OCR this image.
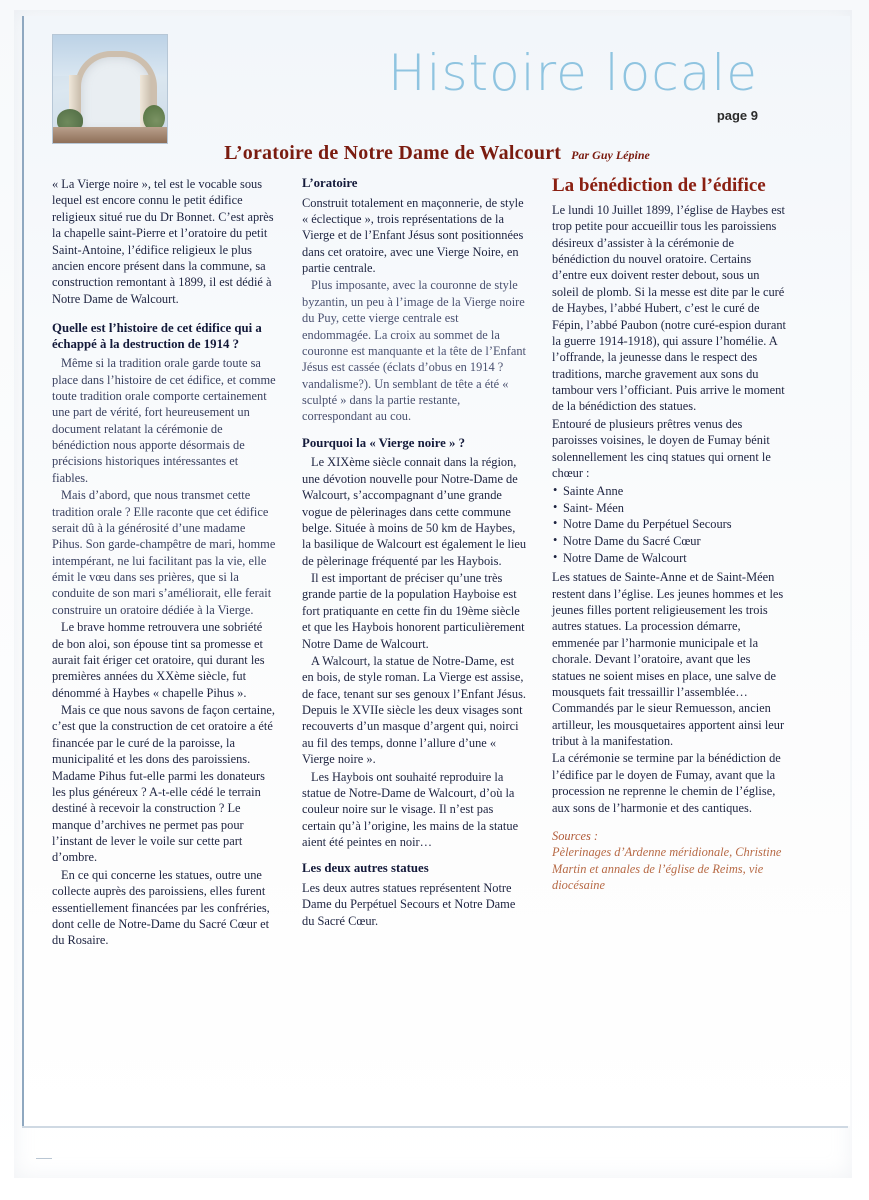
Histoire locale
page 9
L’oratoire de Notre Dame de Walcourt Par Guy Lépine

« La Vierge noire », tel est le vocable sous lequel est encore connu le petit édifice religieux situé rue du Dr Bonnet. C’est après la chapelle saint-Pierre et l’oratoire du petit Saint-Antoine, l’édifice religieux le plus ancien encore présent dans la commune, sa construction remontant à 1899, il est dédié à Notre Dame de Walcourt.

Quelle est l’histoire de cet édifice qui a échappé à la destruction de 1914 ?

Même si la tradition orale garde toute sa place dans l’histoire de cet édifice, et comme toute tradition orale comporte certainement une part de vérité, fort heureusement un document relatant la cérémonie de bénédiction nous apporte désormais de précisions historiques intéressantes et fiables.

Mais d’abord, que nous transmet cette tradition orale ? Elle raconte que cet édifice serait dû à la générosité d’une madame Pihus. Son garde-champêtre de mari, homme intempérant, ne lui facilitant pas la vie, elle émit le vœu dans ses prières, que si la conduite de son mari s’améliorait, elle ferait construire un oratoire dédiée à la Vierge.

Le brave homme retrouvera une sobriété de bon aloi, son épouse tint sa promesse et aurait fait ériger cet oratoire, qui durant les premières années du XXème siècle, fut dénommé à Haybes « chapelle Pihus ».

Mais ce que nous savons de façon certaine, c’est que la construction de cet oratoire a été financée par le curé de la paroisse, la municipalité et les dons des paroissiens. Madame Pihus fut-elle parmi les donateurs les plus généreux ? A-t-elle cédé le terrain destiné à recevoir la construction ? Le manque d’archives ne permet pas pour l’instant de lever le voile sur cette part d’ombre.

En ce qui concerne les statues, outre une collecte auprès des paroissiens, elles furent essentiellement financées par les confréries, dont celle de Notre-Dame du Sacré Cœur et du Rosaire.

L’oratoire

Construit totalement en maçonnerie, de style « éclectique », trois représentations de la Vierge et de l’Enfant Jésus sont positionnées dans cet oratoire, avec une Vierge Noire, en partie centrale.

Plus imposante, avec la couronne de style byzantin, un peu à l’image de la Vierge noire du Puy, cette vierge centrale est endommagée. La croix au sommet de la couronne est manquante et la tête de l’Enfant Jésus est cassée (éclats d’obus en 1914 ? vandalisme?). Un semblant de tête a été « sculpté » dans la partie restante, correspondant au cou.

Pourquoi la « Vierge noire » ?

Le XIXème siècle connait dans la région, une dévotion nouvelle pour Notre-Dame de Walcourt, s’accompagnant d’une grande vogue de pèlerinages dans cette commune belge. Située à moins de 50 km de Haybes, la basilique de Walcourt est également le lieu de pèlerinage fréquenté par les Haybois.

Il est important de préciser qu’une très grande partie de la population Hayboise est fort pratiquante en cette fin du 19ème siècle et que les Haybois honorent particulièrement Notre Dame de Walcourt.

A Walcourt, la statue de Notre-Dame, est en bois, de style roman. La Vierge est assise, de face, tenant sur ses genoux l’Enfant Jésus. Depuis le XVIIe siècle les deux visages sont recouverts d’un masque d’argent qui, noirci au fil des temps, donne l’allure d’une « Vierge noire ».

Les Haybois ont souhaité reproduire la statue de Notre-Dame de Walcourt, d’où la couleur noire sur le visage. Il n’est pas certain qu’à l’origine, les mains de la statue aient été peintes en noir…

Les deux autres statues

Les deux autres statues représentent Notre Dame du Perpétuel Secours et Notre Dame du Sacré Cœur.

La bénédiction de l’édifice

Le lundi 10 Juillet 1899, l’église de Haybes est trop petite pour accueillir tous les paroissiens désireux d’assister à la cérémonie de bénédiction du nouvel oratoire. Certains d’entre eux doivent rester debout, sous un soleil de plomb. Si la messe est dite par le curé de Haybes, l’abbé Hubert, c’est le curé de Fépin, l’abbé Paubon (notre curé-espion durant la guerre 1914-1918), qui assure l’homélie. A l’offrande, la jeunesse dans le respect des traditions, marche gravement aux sons du tambour vers l’officiant. Puis arrive le moment de la bénédiction des statues.

Entouré de plusieurs prêtres venus des paroisses voisines, le doyen de Fumay bénit solennellement les cinq statues qui ornent le chœur :

• Sainte Anne
• Saint- Méen
• Notre Dame du Perpétuel Secours
• Notre Dame du Sacré Cœur
• Notre Dame de Walcourt

Les statues de Sainte-Anne et de Saint-Méen restent dans l’église. Les jeunes hommes et les jeunes filles portent religieusement les trois autres statues. La procession démarre, emmenée par l’harmonie municipale et la chorale. Devant l’oratoire, avant que les statues ne soient mises en place, une salve de mousquets fait tressaillir l’assemblée… Commandés par le sieur Remuesson, ancien artilleur, les mousquetaires apportent ainsi leur tribut à la manifestation.

La cérémonie se termine par la bénédiction de l’édifice par le doyen de Fumay, avant que la procession ne reprenne le chemin de l’église, aux sons de l’harmonie et des cantiques.

Sources :
Pèlerinages d’Ardenne méridionale, Christine Martin et annales de l’église de Reims, vie diocésaine
